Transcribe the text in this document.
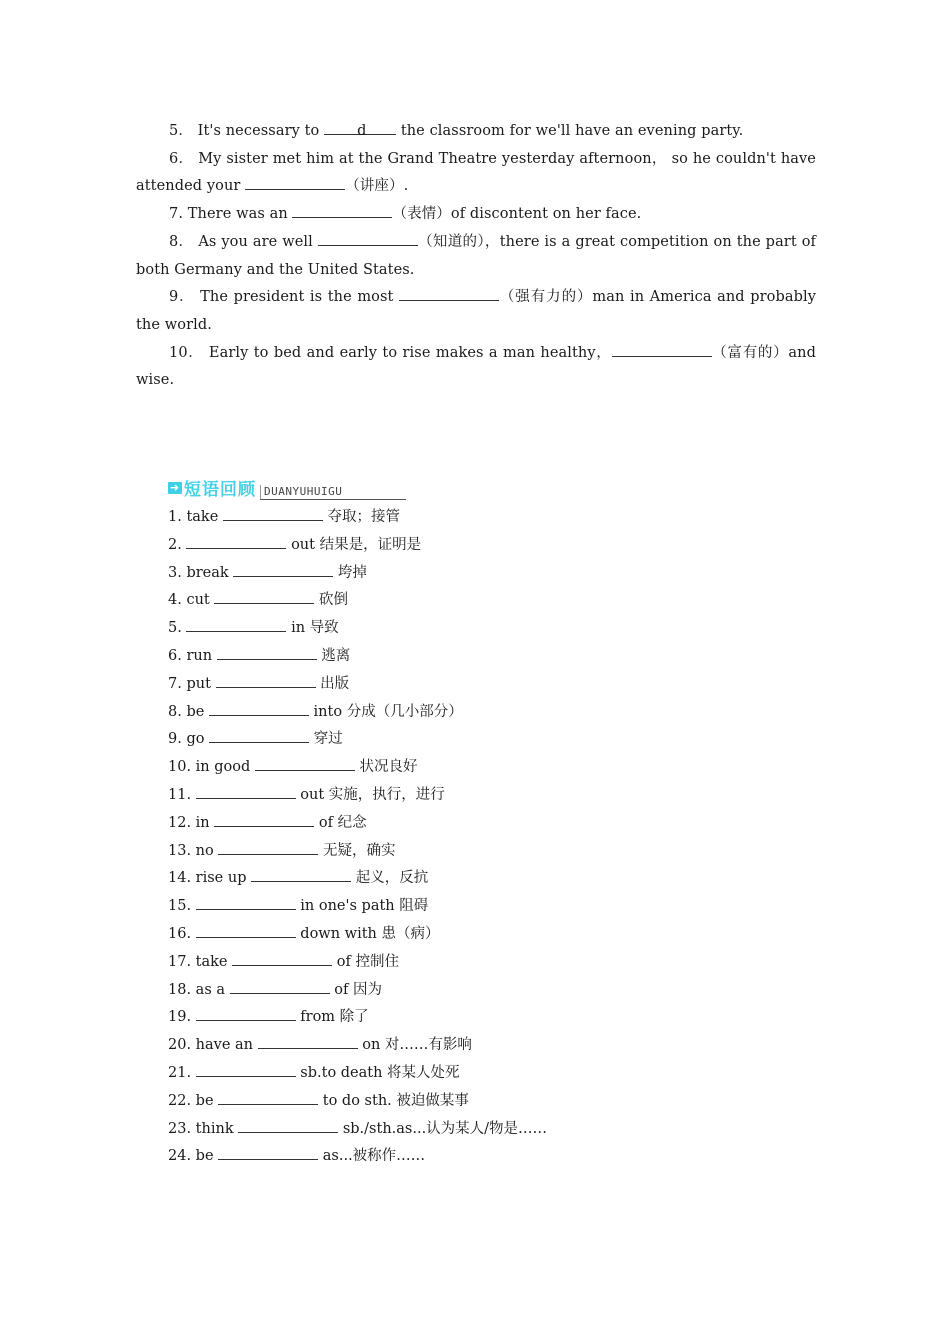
5． It's necessary to d the classroom for we'll have an evening party.

6． My sister met him at the Grand Theatre yesterday afternoon， so he couldn't have attended your	（讲座）.

7. There was an	（表情）of discontent on her face.

8． As you are well	（知道的），there is a great competition on the part of both Germany and the United States.

9． The president is the most	（强有力的）man in America and probably the world.

10． Early to bed and early to rise makes a man healthy，	（富有的）and wise.

➜ 短语回顾 DUANYUHUIGU
1. take	夺取；接管
2.	out 结果是，证明是
3. break	垮掉
4. cut	砍倒
5.	in 导致
6. run	逃离
7. put	出版
8. be	into 分成（几小部分）
9. go	穿过
10. in good	状况良好
11.	out 实施，执行，进行
12. in	of 纪念
13. no	无疑，确实
14. rise up	起义，反抗
15.	in one's path 阻碍
16.	down with 患（病）
17. take	of 控制住
18. as a	of 因为
19.	from 除了
20. have an	on 对……有影响
21.	sb.to death 将某人处死
22. be	to do sth. 被迫做某事
23. think	sb./sth.as...认为某人/物是……
24. be	as...被称作……
